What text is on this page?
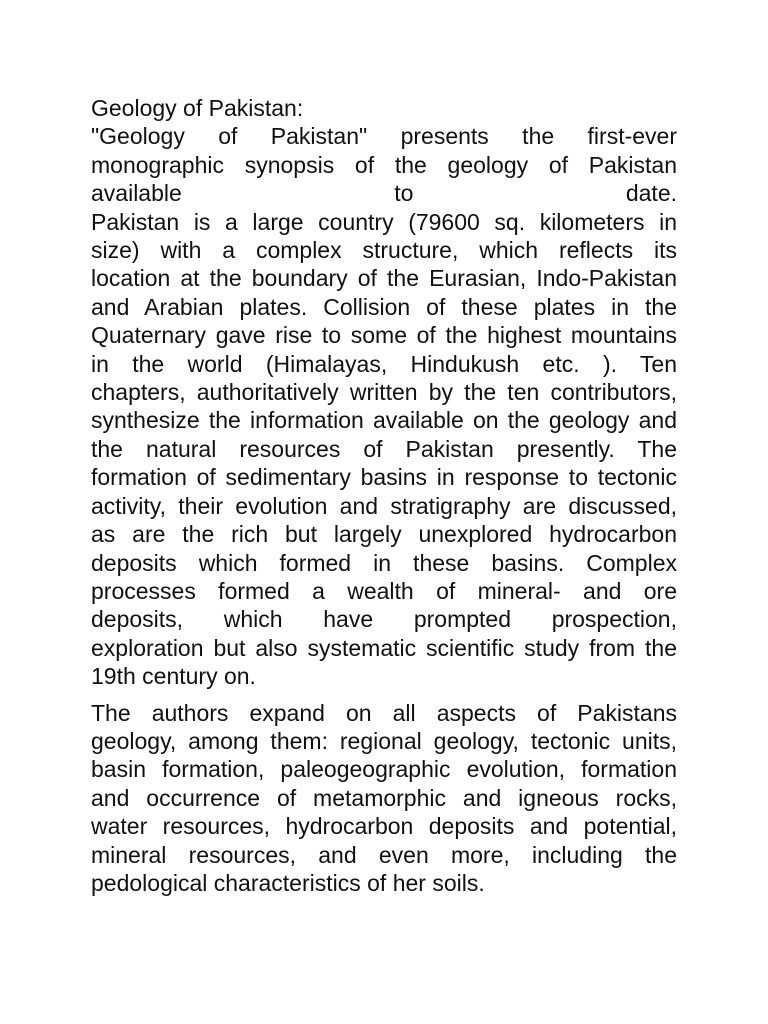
Geology of Pakistan:

"Geology of Pakistan" presents the first-ever
monographic synopsis of the geology of Pakistan
available to date.
Pakistan is a large country (79600 sq. kilometers in
size) with a complex structure, which reflects its
location at the boundary of the Eurasian, Indo-Pakistan
and Arabian plates. Collision of these plates in the
Quaternary gave rise to some of the highest mountains
in the world (Himalayas, Hindukush etc. ). Ten
chapters, authoritatively written by the ten contributors,
synthesize the information available on the geology and
the natural resources of Pakistan presently. The
formation of sedimentary basins in response to tectonic
activity, their evolution and stratigraphy are discussed,
as are the rich but largely unexplored hydrocarbon
deposits which formed in these basins. Complex
processes formed a wealth of mineral- and ore
deposits, which have prompted prospection,
exploration but also systematic scientific study from the
19th century on.

The authors expand on all aspects of Pakistans
geology, among them: regional geology, tectonic units,
basin formation, paleogeographic evolution, formation
and occurrence of metamorphic and igneous rocks,
water resources, hydrocarbon deposits and potential,
mineral resources, and even more, including the
pedological characteristics of her soils.
